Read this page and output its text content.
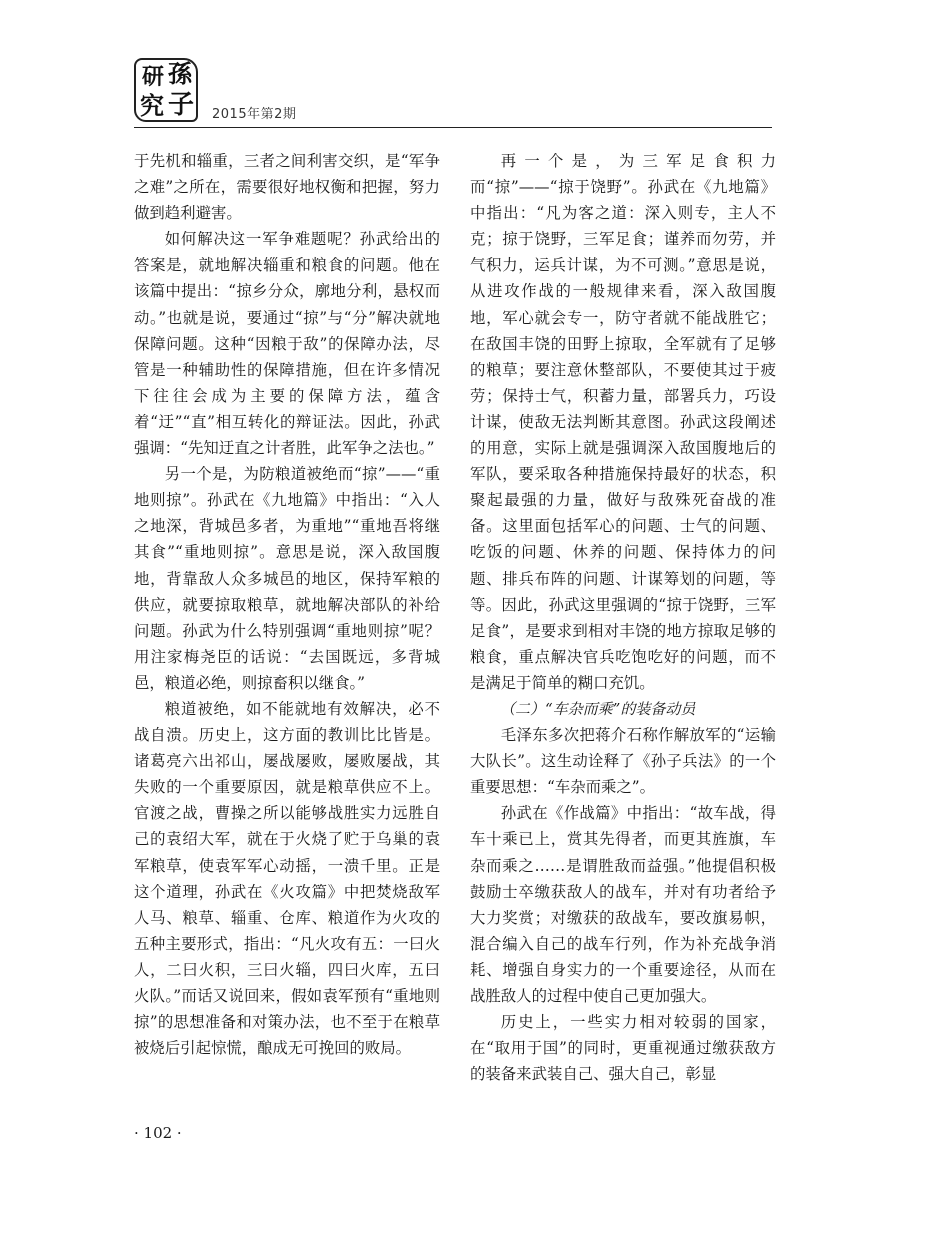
研 孫
究 子 2015年第2期

于先机和辎重，三者之间利害交织，是“军争之难”之所在，需要很好地权衡和把握，努力做到趋利避害。

如何解决这一军争难题呢？孙武给出的答案是，就地解决辎重和粮食的问题。他在该篇中提出：“掠乡分众，廓地分利，悬权而动。”也就是说，要通过“掠”与“分”解决就地保障问题。这种“因粮于敌”的保障办法，尽管是一种辅助性的保障措施，但在许多情况下往往会成为主要的保障方法，蕴含着“迂”“直”相互转化的辩证法。因此，孙武强调：“先知迂直之计者胜，此军争之法也。”

另一个是，为防粮道被绝而“掠”——“重地则掠”。孙武在《九地篇》中指出：“入人之地深，背城邑多者，为重地”“重地吾将继其食”“重地则掠”。意思是说，深入敌国腹地，背靠敌人众多城邑的地区，保持军粮的供应，就要掠取粮草，就地解决部队的补给问题。孙武为什么特别强调“重地则掠”呢？用注家梅尧臣的话说：“去国既远，多背城邑，粮道必绝，则掠畜积以继食。”

粮道被绝，如不能就地有效解决，必不战自溃。历史上，这方面的教训比比皆是。诸葛亮六出祁山，屡战屡败，屡败屡战，其失败的一个重要原因，就是粮草供应不上。官渡之战，曹操之所以能够战胜实力远胜自己的袁绍大军，就在于火烧了贮于乌巢的袁军粮草，使袁军军心动摇，一溃千里。正是这个道理，孙武在《火攻篇》中把焚烧敌军人马、粮草、辎重、仓库、粮道作为火攻的五种主要形式，指出：“凡火攻有五：一曰火人，二曰火积，三曰火辎，四曰火库，五曰火队。”而话又说回来，假如袁军预有“重地则掠”的思想准备和对策办法，也不至于在粮草被烧后引起惊慌，酿成无可挽回的败局。

再一个是，为三军足食积力而“掠”——“掠于饶野”。孙武在《九地篇》中指出：“凡为客之道：深入则专，主人不克；掠于饶野，三军足食；谨养而勿劳，并气积力，运兵计谋，为不可测。”意思是说，从进攻作战的一般规律来看，深入敌国腹地，军心就会专一，防守者就不能战胜它；在敌国丰饶的田野上掠取，全军就有了足够的粮草；要注意休整部队，不要使其过于疲劳；保持士气，积蓄力量，部署兵力，巧设计谋，使敌无法判断其意图。孙武这段阐述的用意，实际上就是强调深入敌国腹地后的军队，要采取各种措施保持最好的状态，积聚起最强的力量，做好与敌殊死奋战的准备。这里面包括军心的问题、士气的问题、吃饭的问题、休养的问题、保持体力的问题、排兵布阵的问题、计谋筹划的问题，等等。因此，孙武这里强调的“掠于饶野，三军足食”，是要求到相对丰饶的地方掠取足够的粮食，重点解决官兵吃饱吃好的问题，而不是满足于简单的糊口充饥。

（二）“车杂而乘”的装备动员

毛泽东多次把蒋介石称作解放军的“运输大队长”。这生动诠释了《孙子兵法》的一个重要思想：“车杂而乘之”。

孙武在《作战篇》中指出：“故车战，得车十乘已上，赏其先得者，而更其旌旗，车杂而乘之……是谓胜敌而益强。”他提倡积极鼓励士卒缴获敌人的战车，并对有功者给予大力奖赏；对缴获的敌战车，要改旗易帜，混合编入自己的战车行列，作为补充战争消耗、增强自身实力的一个重要途径，从而在战胜敌人的过程中使自己更加强大。

历史上，一些实力相对较弱的国家，在“取用于国”的同时，更重视通过缴获敌方的装备来武装自己、强大自己，彰显

· 102 ·
